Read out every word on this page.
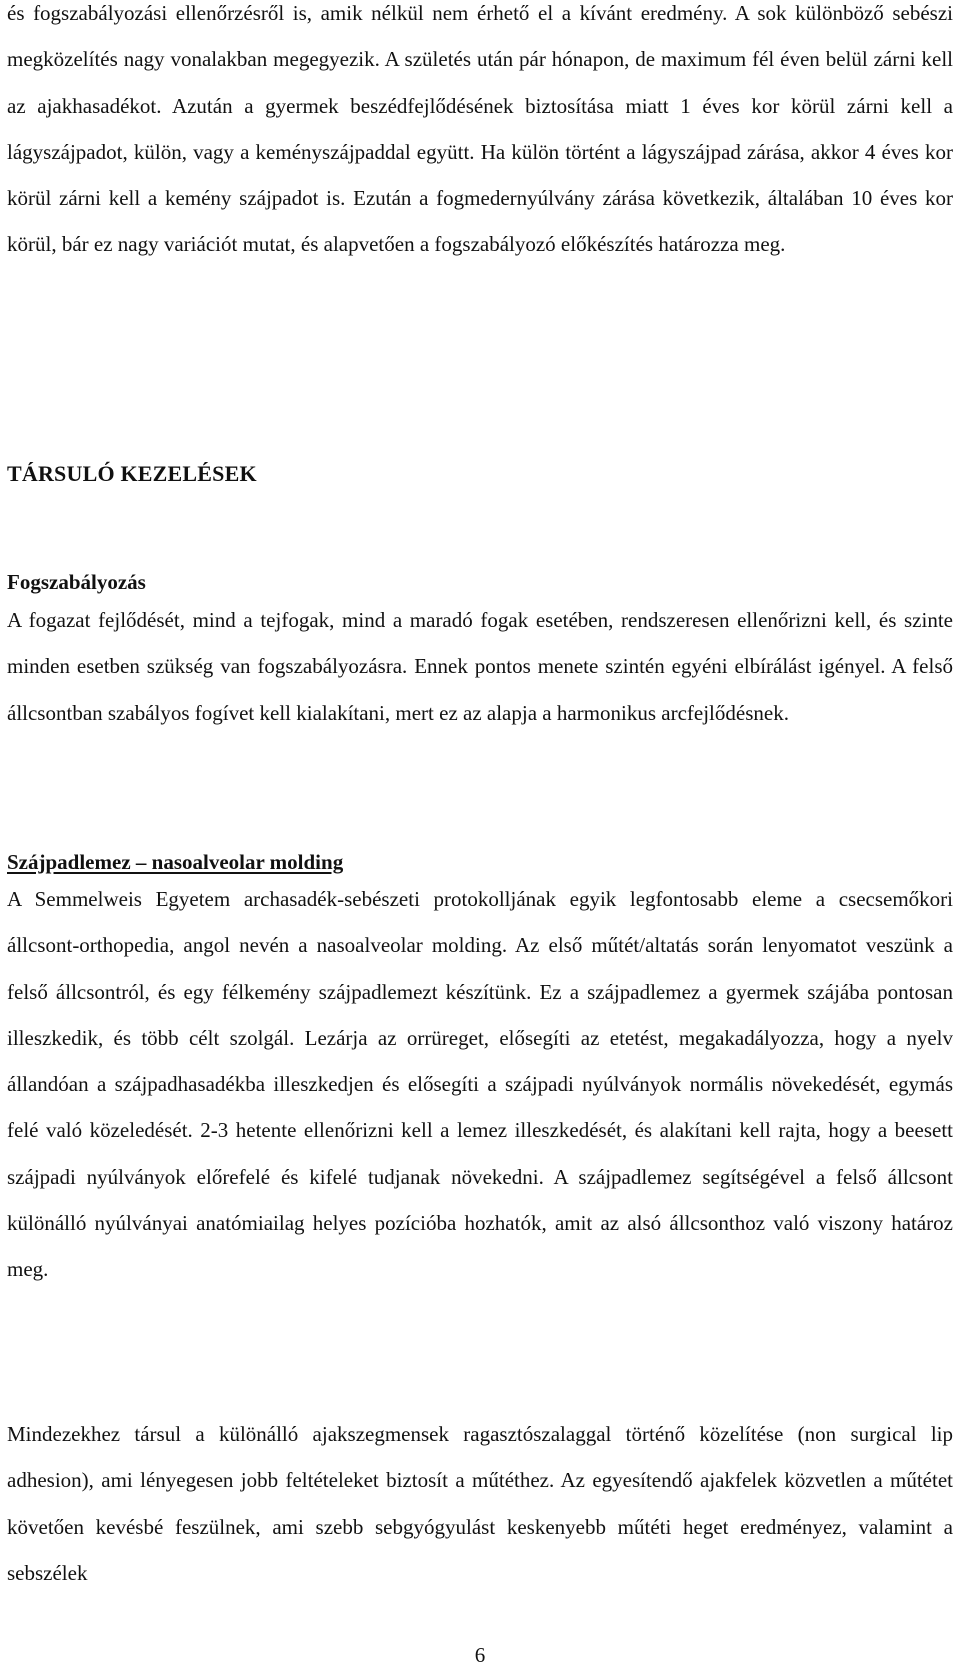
és fogszabályozási ellenőrzésről is, amik nélkül nem érhető el a kívánt eredmény. A sok különböző sebészi megközelítés nagy vonalakban megegyezik. A születés után pár hónapon, de maximum fél éven belül zárni kell az ajakhasadékot. Azután a gyermek beszédfejlődésének biztosítása miatt 1 éves kor körül zárni kell a lágyszájpadot, külön, vagy a keményszájpaddal együtt. Ha külön történt a lágyszájpad zárása, akkor 4 éves kor körül zárni kell a kemény szájpadot is. Ezután a fogmedernyúlvány zárása következik, általában 10 éves kor körül, bár ez nagy variációt mutat, és alapvetően a fogszabályozó előkészítés határozza meg.

TÁRSULÓ KEZELÉSEK
Fogszabályozás

A fogazat fejlődését, mind a tejfogak, mind a maradó fogak esetében, rendszeresen ellenőrizni kell, és szinte minden esetben szükség van fogszabályozásra. Ennek pontos menete szintén egyéni elbírálást igényel. A felső állcsontban szabályos fogívet kell kialakítani, mert ez az alapja a harmonikus arcfejlődésnek.

Szájpadlemez – nasoalveolar molding

A Semmelweis Egyetem archasadék-sebészeti protokolljának egyik legfontosabb eleme a csecsemőkori állcsont-orthopedia, angol nevén a nasoalveolar molding. Az első műtét/altatás során lenyomatot veszünk a felső állcsontról, és egy félkemény szájpadlemezt készítünk. Ez a szájpadlemez a gyermek szájába pontosan illeszkedik, és több célt szolgál. Lezárja az orrüreget, elősegíti az etetést, megakadályozza, hogy a nyelv állandóan a szájpadhasadékba illeszkedjen és elősegíti a szájpadi nyúlványok normális növekedését, egymás felé való közeledését. 2-3 hetente ellenőrizni kell a lemez illeszkedését, és alakítani kell rajta, hogy a beesett szájpadi nyúlványok előrefelé és kifelé tudjanak növekedni. A szájpadlemez segítségével a felső állcsont különálló nyúlványai anatómiailag helyes pozícióba hozhatók, amit az alsó állcsonthoz való viszony határoz meg.

Mindezekhez társul a különálló ajakszegmensek ragasztószalaggal történő közelítése (non surgical lip adhesion), ami lényegesen jobb feltételeket biztosít a műtéthez. Az egyesítendő ajakfelek közvetlen a műtétet követően kevésbé feszülnek, ami szebb sebgyógyulást keskenyebb műtéti heget eredményez, valamint a sebszélek

6
